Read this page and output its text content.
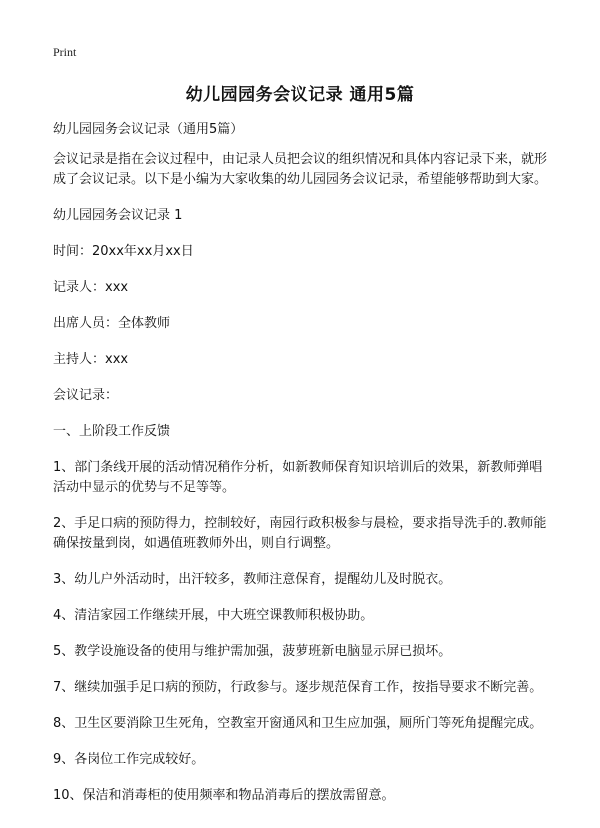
Print
幼儿园园务会议记录 通用5篇

幼儿园园务会议记录（通用5篇）

会议记录是指在会议过程中，由记录人员把会议的组织情况和具体内容记录下来，就形成了会议记录。以下是小编为大家收集的幼儿园园务会议记录，希望能够帮助到大家。

幼儿园园务会议记录 1

时间：20xx年xx月xx日

记录人：xxx

出席人员：全体教师

主持人：xxx

会议记录：

一、上阶段工作反馈

1、部门条线开展的活动情况稍作分析，如新教师保育知识培训后的效果，新教师弹唱活动中显示的优势与不足等等。

2、手足口病的预防得力，控制较好，南园行政积极参与晨检，要求指导洗手的.教师能确保按量到岗，如遇值班教师外出，则自行调整。

3、幼儿户外活动时，出汗较多，教师注意保育，提醒幼儿及时脱衣。

4、清洁家园工作继续开展，中大班空课教师积极协助。

5、教学设施设备的使用与维护需加强，菠萝班新电脑显示屏已损坏。

7、继续加强手足口病的预防，行政参与。逐步规范保育工作，按指导要求不断完善。

8、卫生区要消除卫生死角，空教室开窗通风和卫生应加强，厕所门等死角提醒完成。

9、各岗位工作完成较好。

10、保洁和消毒柜的使用频率和物品消毒后的摆放需留意。
